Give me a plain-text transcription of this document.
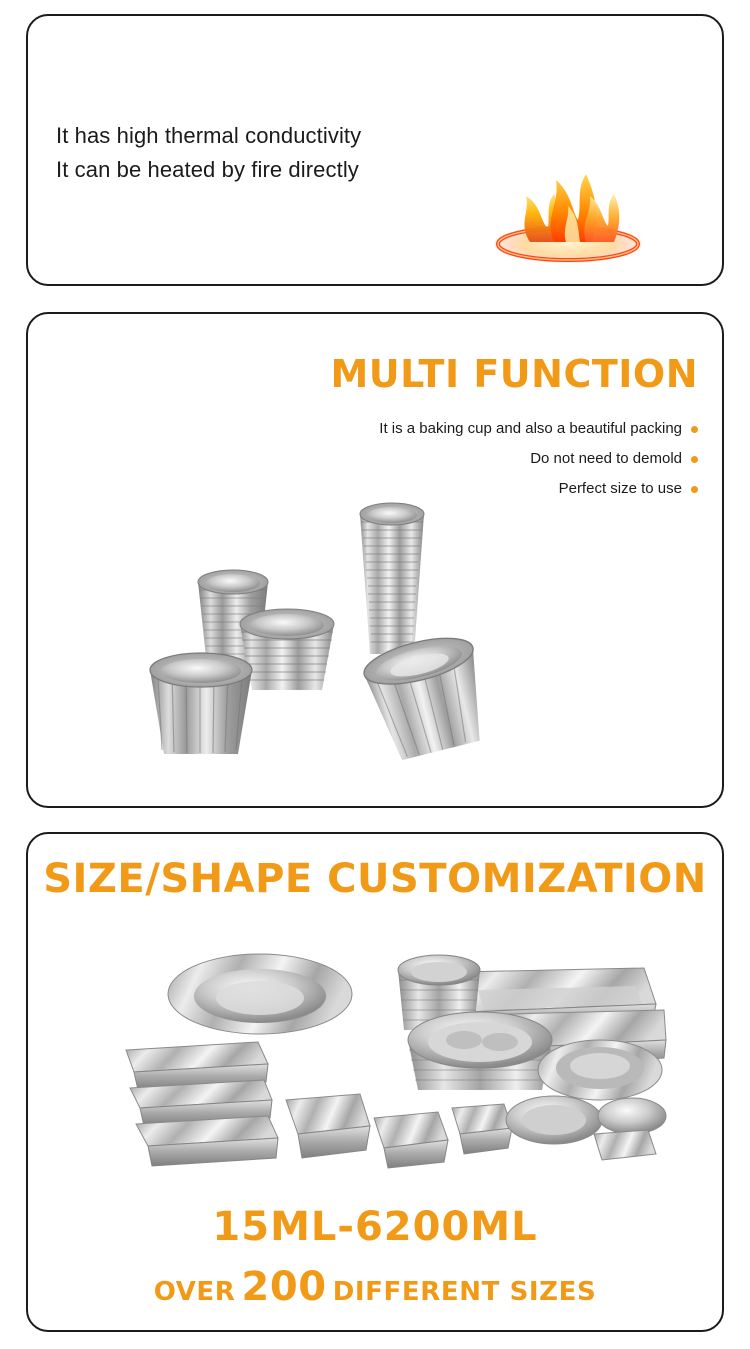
It has high thermal conductivity
It can be heated by fire directly
MULTI FUNCTION
It is a baking cup and also a beautiful packing
Do not need to demold
Perfect size to use
SIZE/SHAPE CUSTOMIZATION
15ML-6200ML
OVER 200 DIFFERENT SIZES
